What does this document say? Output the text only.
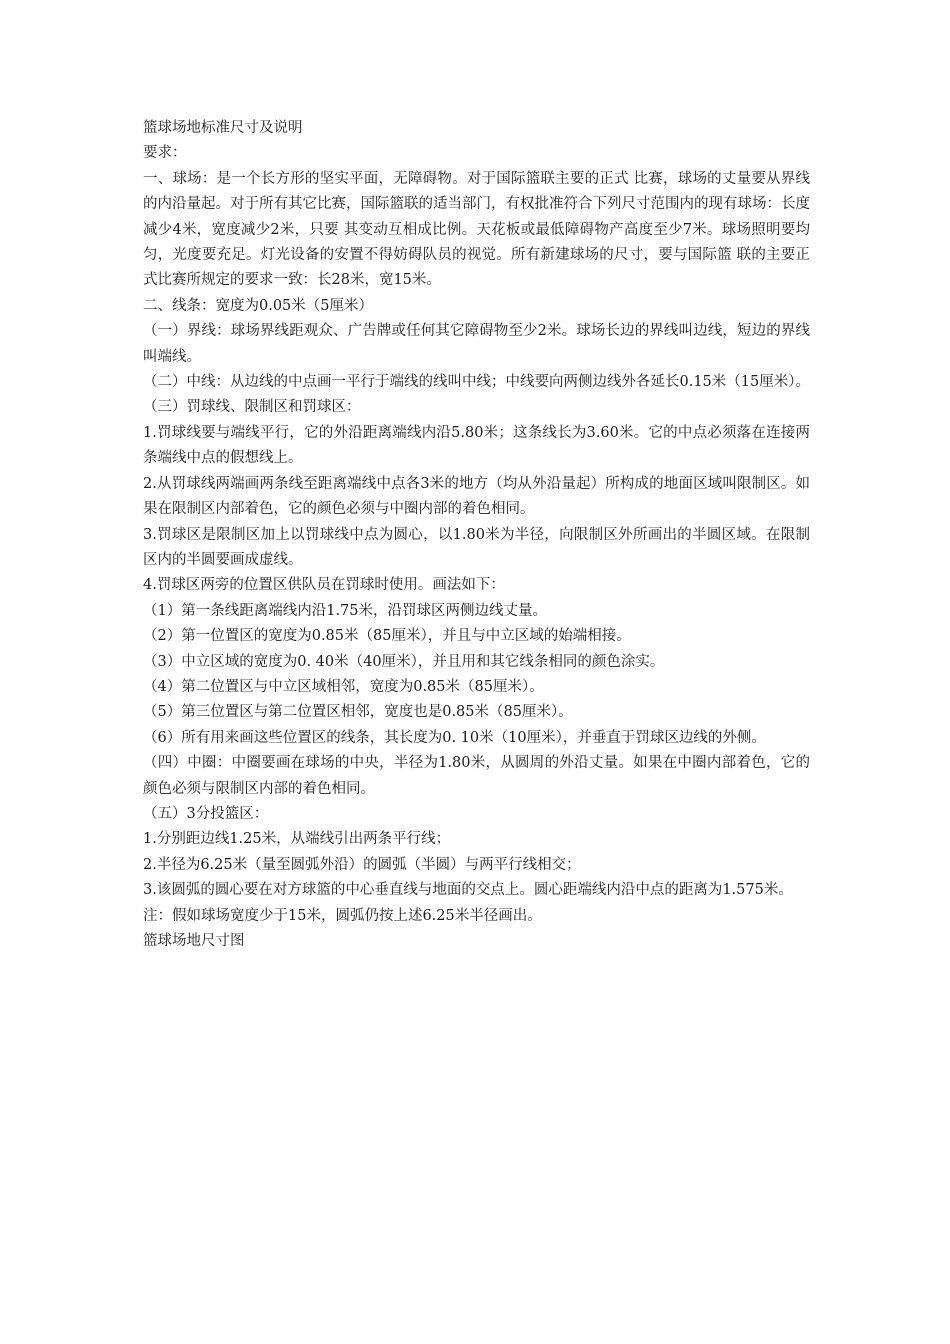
篮球场地标准尺寸及说明

要求：

一、球场：是一个长方形的坚实平面，无障碍物。对于国际篮联主要的正式 比赛，球场的丈量要从界线的内沿量起。对于所有其它比赛，国际篮联的适当部门，有权批准符合下列尺寸范围内的现有球场：长度减少4米，宽度减少2米，只要 其变动互相成比例。天花板或最低障碍物产高度至少7米。球场照明要均匀，光度要充足。灯光设备的安置不得妨碍队员的视觉。所有新建球场的尺寸，要与国际篮 联的主要正式比赛所规定的要求一致：长28米，宽15米。

二、线条：宽度为0.05米（5厘米）

（一）界线：球场界线距观众、广告牌或任何其它障碍物至少2米。球场长边的界线叫边线，短边的界线叫端线。

（二）中线：从边线的中点画一平行于端线的线叫中线；中线要向两侧边线外各延长0.15米（15厘米）。

（三）罚球线、限制区和罚球区：

1.罚球线要与端线平行，它的外沿距离端线内沿5.80米；这条线长为3.60米。它的中点必须落在连接两条端线中点的假想线上。

2.从罚球线两端画两条线至距离端线中点各3米的地方（均从外沿量起）所构成的地面区域叫限制区。如果在限制区内部着色，它的颜色必须与中圈内部的着色相同。

3.罚球区是限制区加上以罚球线中点为圆心，以1.80米为半径，向限制区外所画出的半圆区域。在限制区内的半圆要画成虚线。

4.罚球区两旁的位置区供队员在罚球时使用。画法如下：

（1）第一条线距离端线内沿1.75米，沿罚球区两侧边线丈量。

（2）第一位置区的宽度为0.85米（85厘米），并且与中立区域的始端相接。

（3）中立区域的宽度为0. 40米（40厘米），并且用和其它线条相同的颜色涂实。

（4）第二位置区与中立区域相邻，宽度为0.85米（85厘米）。

（5）第三位置区与第二位置区相邻，宽度也是0.85米（85厘米）。

（6）所有用来画这些位置区的线条，其长度为0. 10米（10厘米），并垂直于罚球区边线的外侧。

（四）中圈：中圈要画在球场的中央，半径为1.80米，从圆周的外沿丈量。如果在中圈内部着色，它的颜色必须与限制区内部的着色相同。

（五）3分投篮区：

1.分别距边线1.25米，从端线引出两条平行线；

2.半径为6.25米（量至圆弧外沿）的圆弧（半圆）与两平行线相交；

3.该圆弧的圆心要在对方球篮的中心垂直线与地面的交点上。圆心距端线内沿中点的距离为1.575米。

注：假如球场宽度少于15米，圆弧仍按上述6.25米半径画出。

篮球场地尺寸图
